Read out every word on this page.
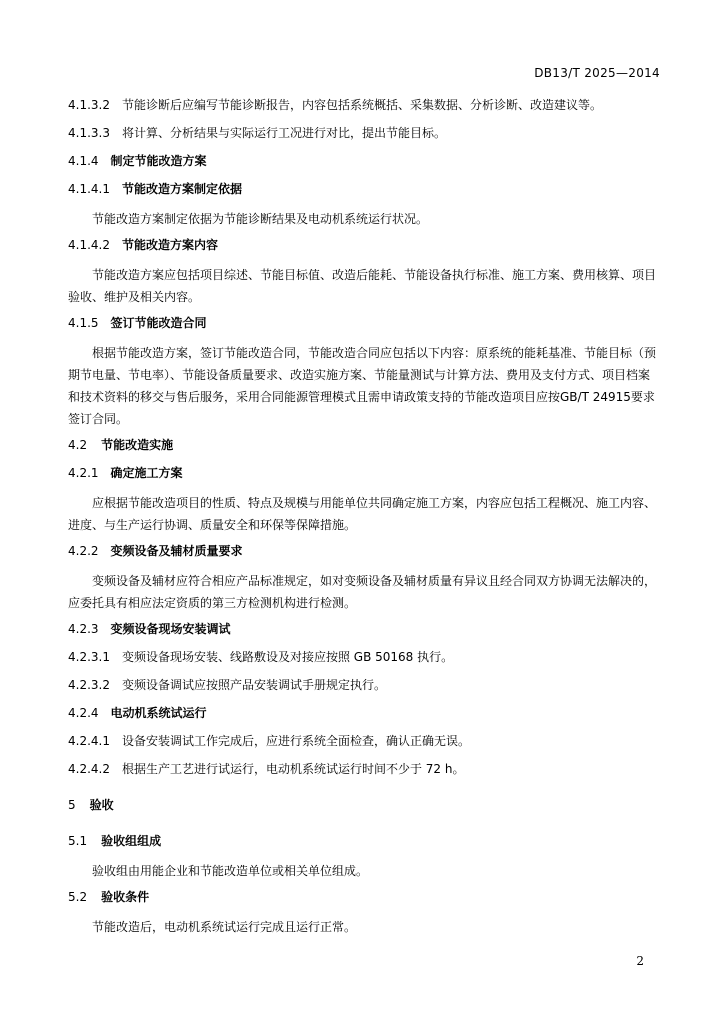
DB13/T 2025—2014
4.1.3.2 节能诊断后应编写节能诊断报告，内容包括系统概括、采集数据、分析诊断、改造建议等。
4.1.3.3 将计算、分析结果与实际运行工况进行对比，提出节能目标。
4.1.4 制定节能改造方案
4.1.4.1 节能改造方案制定依据

节能改造方案制定依据为节能诊断结果及电动机系统运行状况。

4.1.4.2 节能改造方案内容

节能改造方案应包括项目综述、节能目标值、改造后能耗、节能设备执行标准、施工方案、费用核算、项目验收、维护及相关内容。

4.1.5 签订节能改造合同

根据节能改造方案，签订节能改造合同，节能改造合同应包括以下内容：原系统的能耗基准、节能目标（预期节电量、节电率）、节能设备质量要求、改造实施方案、节能量测试与计算方法、费用及支付方式、项目档案和技术资料的移交与售后服务，采用合同能源管理模式且需申请政策支持的节能改造项目应按GB/T 24915要求签订合同。

4.2 节能改造实施
4.2.1 确定施工方案

应根据节能改造项目的性质、特点及规模与用能单位共同确定施工方案，内容应包括工程概况、施工内容、进度、与生产运行协调、质量安全和环保等保障措施。

4.2.2 变频设备及辅材质量要求

变频设备及辅材应符合相应产品标准规定，如对变频设备及辅材质量有异议且经合同双方协调无法解决的，应委托具有相应法定资质的第三方检测机构进行检测。

4.2.3 变频设备现场安装调试
4.2.3.1 变频设备现场安装、线路敷设及对接应按照 GB 50168 执行。
4.2.3.2 变频设备调试应按照产品安装调试手册规定执行。
4.2.4 电动机系统试运行
4.2.4.1 设备安装调试工作完成后，应进行系统全面检查，确认正确无误。
4.2.4.2 根据生产工艺进行试运行，电动机系统试运行时间不少于 72 h。
5 验收
5.1 验收组组成

验收组由用能企业和节能改造单位或相关单位组成。

5.2 验收条件

节能改造后，电动机系统试运行完成且运行正常。

2
